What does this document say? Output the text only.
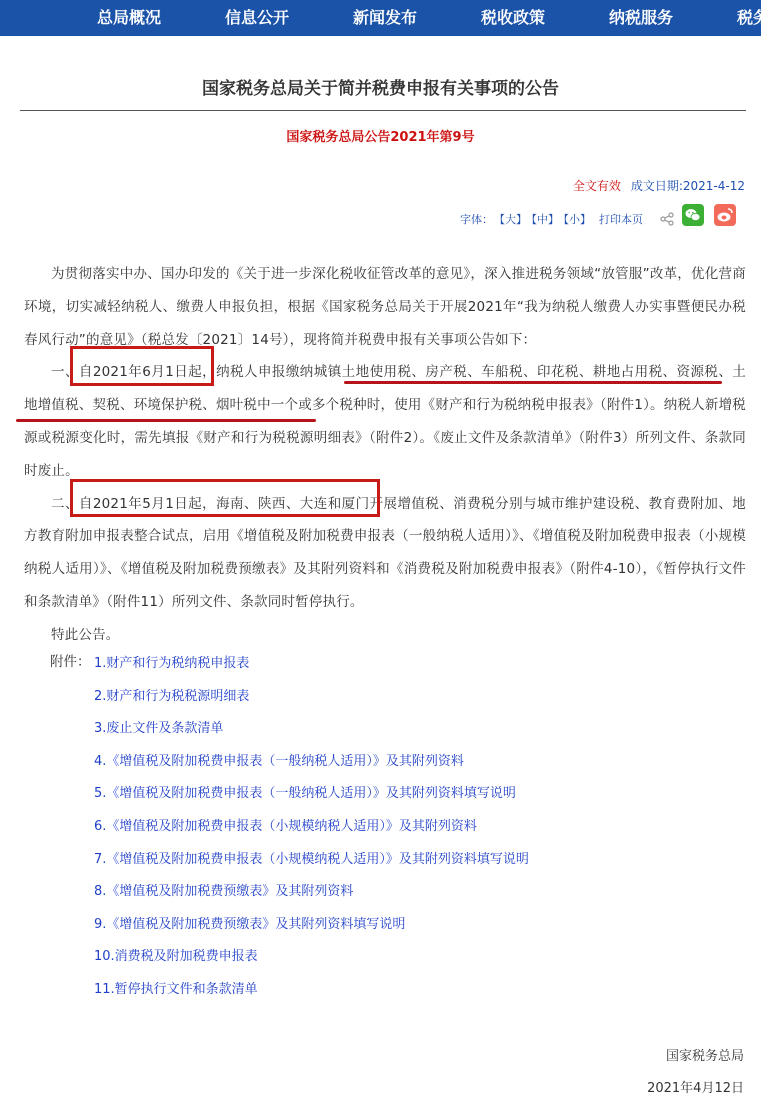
总局概况	信息公开	新闻发布	税收政策	纳税服务	税务
国家税务总局关于简并税费申报有关事项的公告
国家税务总局公告2021年第9号
全文有效 成文日期:2021-4-12
字体： 【大】 【中】 【小】 打印本页

为贯彻落实中办、国办印发的《关于进一步深化税收征管改革的意见》，深入推进税务领域“放管服”改革，优化营商环境，切实减轻纳税人、缴费人申报负担，根据《国家税务总局关于开展2021年“我为纳税人缴费人办实事暨便民办税春风行动”的意见》（税总发〔2021〕14号），现将简并税费申报有关事项公告如下：

一、自2021年6月1日起，纳税人申报缴纳城镇土地使用税、房产税、车船税、印花税、耕地占用税、资源税、土地增值税、契税、环境保护税、烟叶税中一个或多个税种时，使用《财产和行为税纳税申报表》（附件1）。纳税人新增税源或税源变化时，需先填报《财产和行为税税源明细表》（附件2）。《废止文件及条款清单》（附件3）所列文件、条款同时废止。

二、自2021年5月1日起，海南、陕西、大连和厦门开展增值税、消费税分别与城市维护建设税、教育费附加、地方教育附加申报表整合试点，启用《增值税及附加税费申报表（一般纳税人适用）》、《增值税及附加税费申报表（小规模纳税人适用）》、《增值税及附加税费预缴表》及其附列资料和《消费税及附加税费申报表》（附件4-10），《暂停执行文件和条款清单》（附件11）所列文件、条款同时暂停执行。

特此公告。

附件： 1.财产和行为税纳税申报表
2.财产和行为税税源明细表
3.废止文件及条款清单
4.《增值税及附加税费申报表（一般纳税人适用）》及其附列资料
5.《增值税及附加税费申报表（一般纳税人适用）》及其附列资料填写说明
6.《增值税及附加税费申报表（小规模纳税人适用）》及其附列资料
7.《增值税及附加税费申报表（小规模纳税人适用）》及其附列资料填写说明
8.《增值税及附加税费预缴表》及其附列资料
9.《增值税及附加税费预缴表》及其附列资料填写说明
10.消费税及附加税费申报表
11.暂停执行文件和条款清单
国家税务总局
2021年4月12日
